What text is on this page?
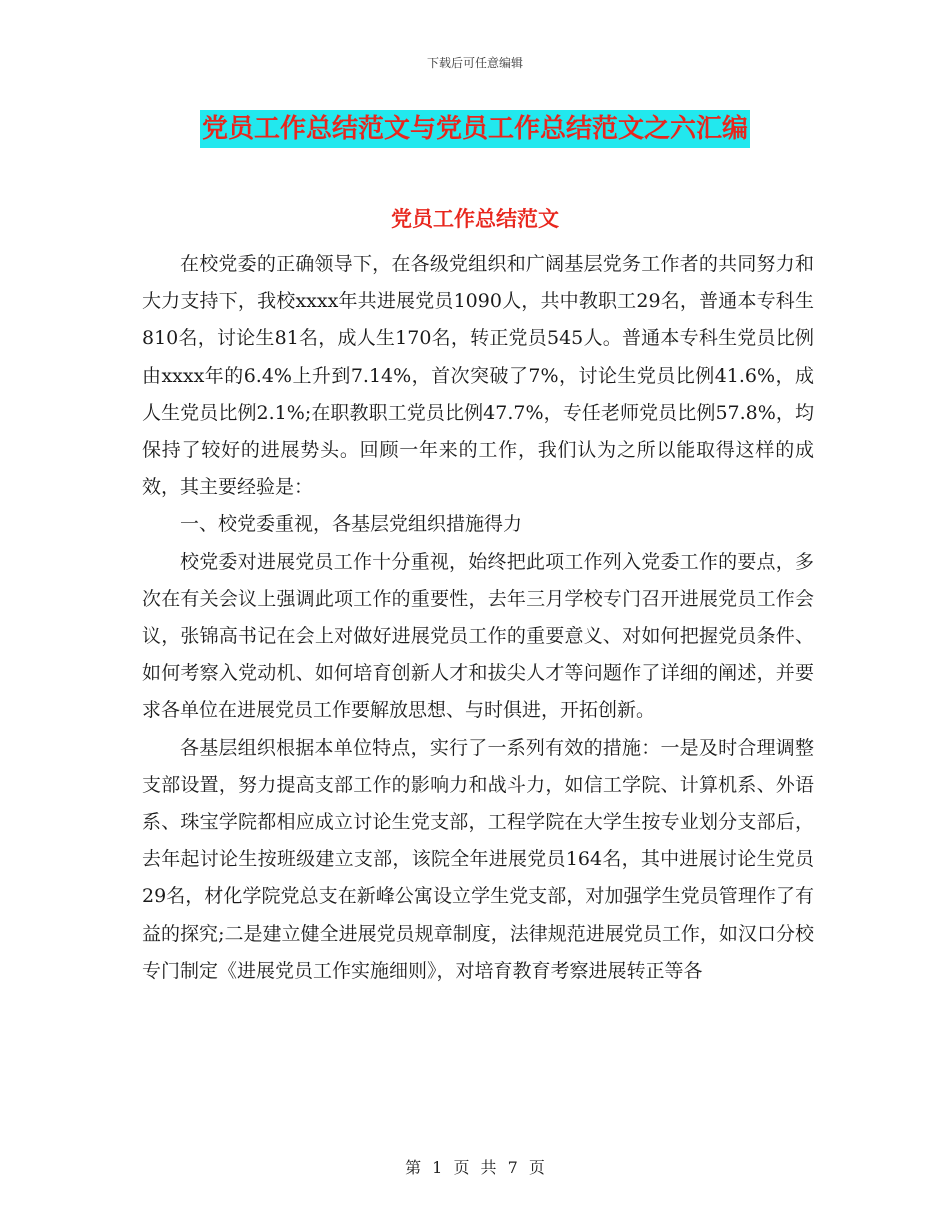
下载后可任意编辑
党员工作总结范文与党员工作总结范文之六汇编
党员工作总结范文

在校党委的正确领导下，在各级党组织和广阔基层党务工作者的共同努力和大力支持下，我校xxxx年共进展党员1090人，共中教职工29名，普通本专科生810名，讨论生81名，成人生170名，转正党员545人。普通本专科生党员比例由xxxx年的6.4%上升到7.14%，首次突破了7%，讨论生党员比例41.6%，成人生党员比例2.1%;在职教职工党员比例47.7%，专任老师党员比例57.8%，均保持了较好的进展势头。回顾一年来的工作，我们认为之所以能取得这样的成效，其主要经验是：

一、校党委重视，各基层党组织措施得力

校党委对进展党员工作十分重视，始终把此项工作列入党委工作的要点，多次在有关会议上强调此项工作的重要性，去年三月学校专门召开进展党员工作会议，张锦高书记在会上对做好进展党员工作的重要意义、对如何把握党员条件、如何考察入党动机、如何培育创新人才和拔尖人才等问题作了详细的阐述，并要求各单位在进展党员工作要解放思想、与时俱进，开拓创新。

各基层组织根据本单位特点，实行了一系列有效的措施：一是及时合理调整支部设置，努力提高支部工作的影响力和战斗力，如信工学院、计算机系、外语系、珠宝学院都相应成立讨论生党支部，工程学院在大学生按专业划分支部后，去年起讨论生按班级建立支部，该院全年进展党员164名，其中进展讨论生党员29名，材化学院党总支在新峰公寓设立学生党支部，对加强学生党员管理作了有益的探究;二是建立健全进展党员规章制度，法律规范进展党员工作，如汉口分校专门制定《进展党员工作实施细则》，对培育教育考察进展转正等各

第 1 页 共 7 页
